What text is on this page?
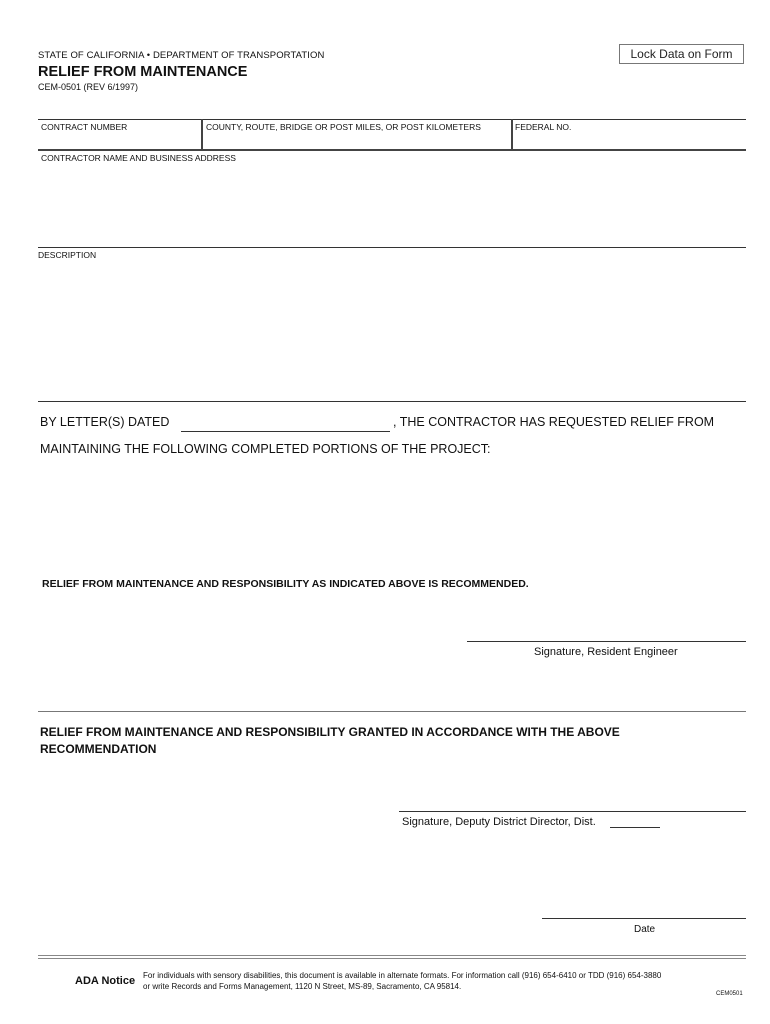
STATE OF CALIFORNIA • DEPARTMENT OF TRANSPORTATION
RELIEF FROM MAINTENANCE
CEM-0501 (REV 6/1997)
Lock Data on Form
CONTRACT NUMBER	COUNTY, ROUTE, BRIDGE OR POST MILES, OR POST KILOMETERS	FEDERAL NO.
CONTRACTOR NAME AND BUSINESS ADDRESS
DESCRIPTION
BY LETTER(S) DATED	, THE CONTRACTOR HAS REQUESTED RELIEF FROM
MAINTAINING THE FOLLOWING COMPLETED PORTIONS OF THE PROJECT:
RELIEF FROM MAINTENANCE AND RESPONSIBILITY AS INDICATED ABOVE IS RECOMMENDED.
Signature, Resident Engineer
RELIEF FROM MAINTENANCE AND RESPONSIBILITY GRANTED IN ACCORDANCE WITH THE ABOVE
RECOMMENDATION
Signature, Deputy District Director, Dist.
Date
ADA Notice For individuals with sensory disabilities, this document is available in alternate formats. For information call (916) 654-6410 or TDD (916) 654-3880
or write Records and Forms Management, 1120 N Street, MS-89, Sacramento, CA 95814.
CEM0501
